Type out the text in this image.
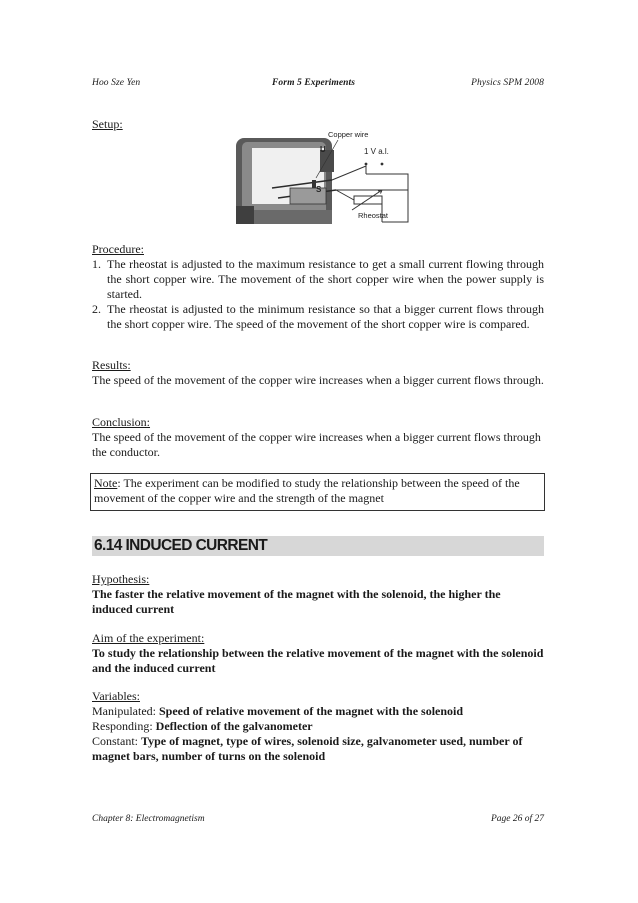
Hoo Sze Yen	Form 5 Experiments	Physics SPM 2008
Setup:
Copper wire
U	1 V a.l.
S
Rheostat
Procedure:
1. The rheostat is adjusted to the maximum resistance to get a small current flowing through the short copper wire. The movement of the short copper wire when the power supply is started.
2. The rheostat is adjusted to the minimum resistance so that a bigger current flows through the short copper wire. The speed of the movement of the short copper wire is compared.
Results:
The speed of the movement of the copper wire increases when a bigger current flows through.
Conclusion:
The speed of the movement of the copper wire increases when a bigger current flows through the conductor.
Note: The experiment can be modified to study the relationship between the speed of the movement of the copper wire and the strength of the magnet
6.14 INDUCED CURRENT
Hypothesis:
The faster the relative movement of the magnet with the solenoid, the higher the induced current
Aim of the experiment:
To study the relationship between the relative movement of the magnet with the solenoid and the induced current
Variables:
Manipulated: Speed of relative movement of the magnet with the solenoid
Responding: Deflection of the galvanometer
Constant: Type of magnet, type of wires, solenoid size, galvanometer used, number of magnet bars, number of turns on the solenoid
Chapter 8: Electromagnetism	Page 26 of 27
